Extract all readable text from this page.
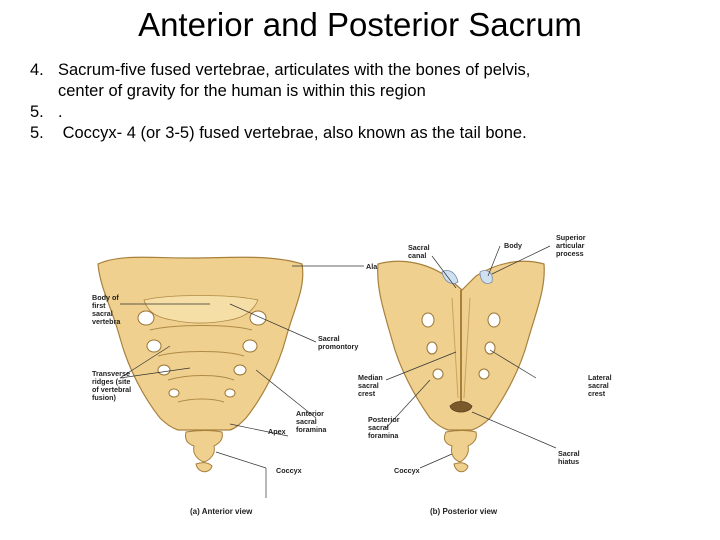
Anterior and Posterior Sacrum
4. Sacrum-five fused vertebrae, articulates with the bones of pelvis,
center of gravity for the human is within this region
5. .
5. Coccyx- 4 (or 3-5) fused vertebrae, also known as the tail bone.
Ala
Body of
first
sacral
vertebra
Transverse
ridges (site
of vertebral
fusion)
Sacral
promontory
Anterior
sacral
foramina
Apex
Coccyx
Sacral
canal
Body
Superior
articular
process
Median
sacral
crest
Posterior
sacral
foramina
Coccyx
Lateral
sacral
crest
Sacral
hiatus
(a) Anterior view	(b) Posterior view
